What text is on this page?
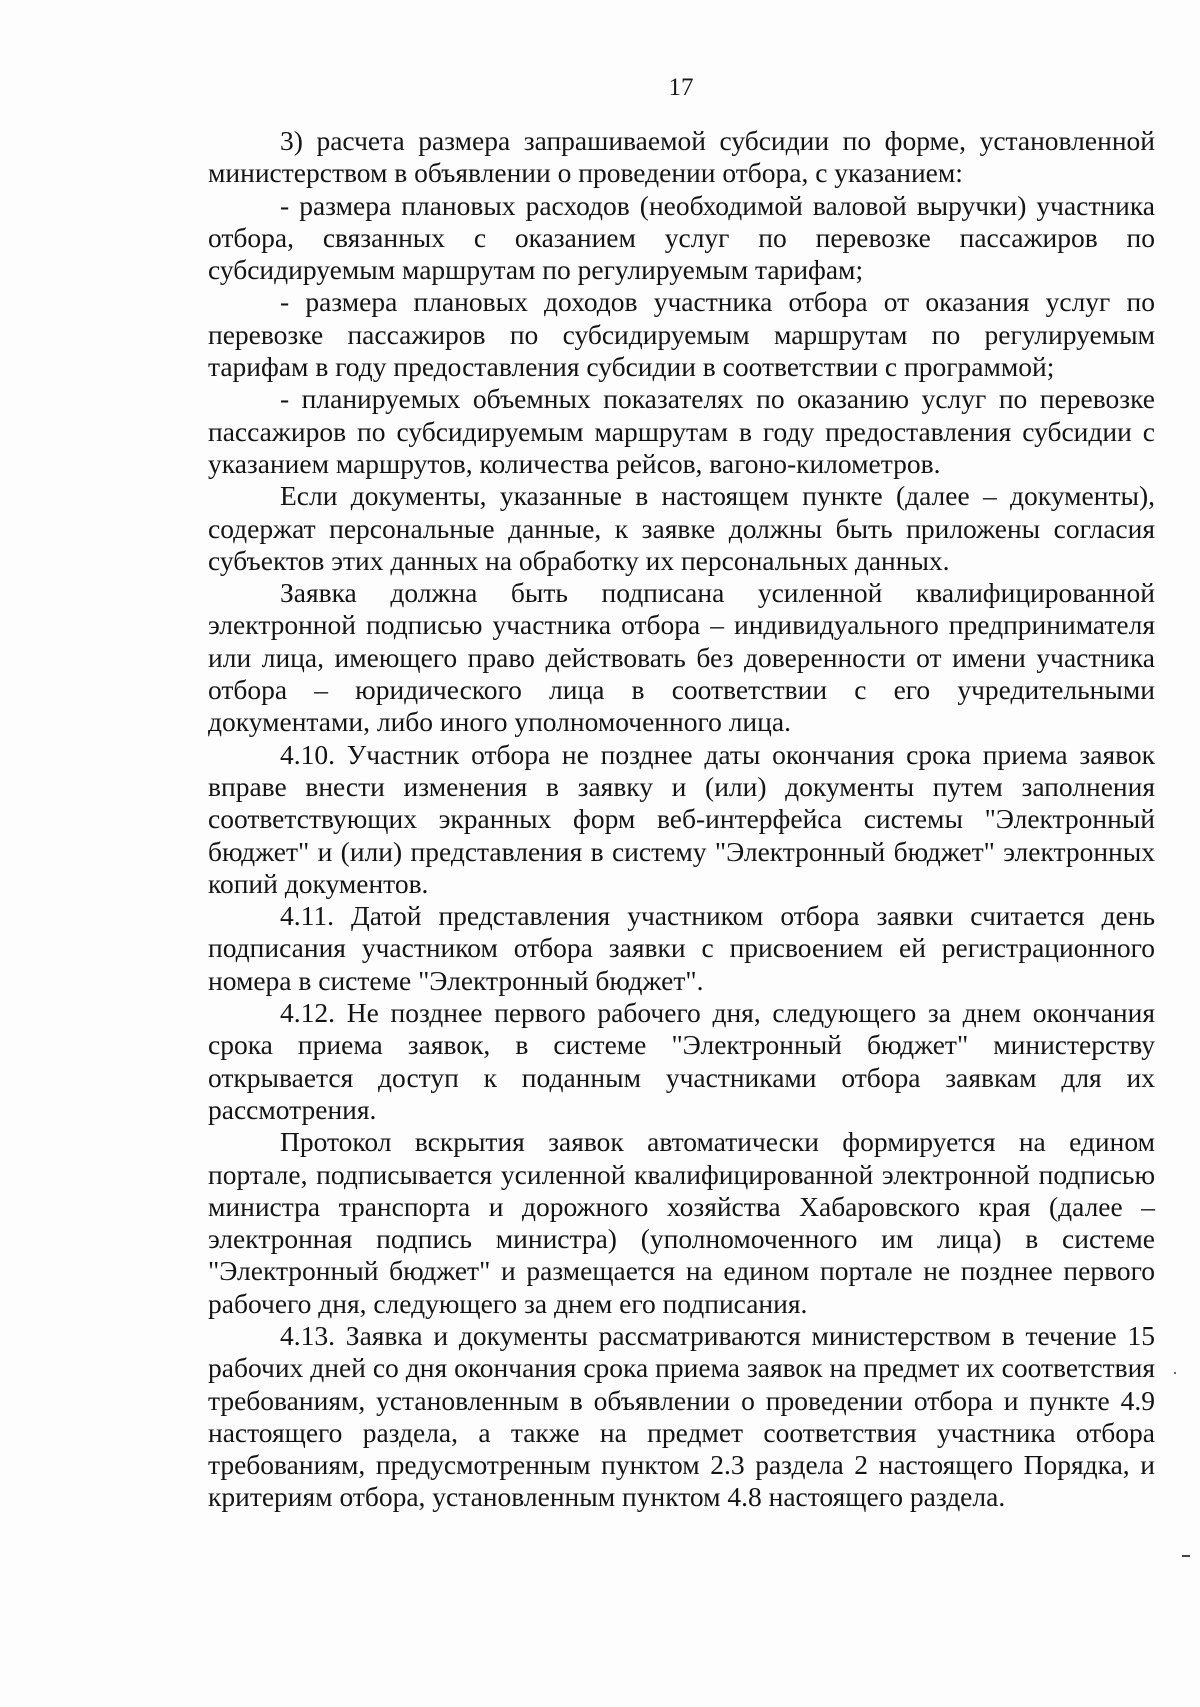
17

3) расчета размера запрашиваемой субсидии по форме, установленной министерством в объявлении о проведении отбора, с указанием:

- размера плановых расходов (необходимой валовой выручки) участника отбора, связанных с оказанием услуг по перевозке пассажиров по субсидируемым маршрутам по регулируемым тарифам;

- размера плановых доходов участника отбора от оказания услуг по перевозке пассажиров по субсидируемым маршрутам по регулируемым тарифам в году предоставления субсидии в соответствии с программой;

- планируемых объемных показателях по оказанию услуг по перевозке пассажиров по субсидируемым маршрутам в году предоставления субсидии с указанием маршрутов, количества рейсов, вагоно-километров.

Если документы, указанные в настоящем пункте (далее – документы), содержат персональные данные, к заявке должны быть приложены согласия субъектов этих данных на обработку их персональных данных.

Заявка должна быть подписана усиленной квалифицированной электронной подписью участника отбора – индивидуального предпринимателя или лица, имеющего право действовать без доверенности от имени участника отбора – юридического лица в соответствии с его учредительными документами, либо иного уполномоченного лица.

4.10. Участник отбора не позднее даты окончания срока приема заявок вправе внести изменения в заявку и (или) документы путем заполнения соответствующих экранных форм веб-интерфейса системы "Электронный бюджет" и (или) представления в систему "Электронный бюджет" электронных копий документов.

4.11. Датой представления участником отбора заявки считается день подписания участником отбора заявки с присвоением ей регистрационного номера в системе "Электронный бюджет".

4.12. Не позднее первого рабочего дня, следующего за днем окончания срока приема заявок, в системе "Электронный бюджет" министерству открывается доступ к поданным участниками отбора заявкам для их рассмотрения.

Протокол вскрытия заявок автоматически формируется на едином портале, подписывается усиленной квалифицированной электронной подписью министра транспорта и дорожного хозяйства Хабаровского края (далее – электронная подпись министра) (уполномоченного им лица) в системе "Электронный бюджет" и размещается на едином портале не позднее первого рабочего дня, следующего за днем его подписания.

4.13. Заявка и документы рассматриваются министерством в течение 15 рабочих дней со дня окончания срока приема заявок на предмет их соответствия требованиям, установленным в объявлении о проведении отбора и пункте 4.9 настоящего раздела, а также на предмет соответствия участника отбора требованиям, предусмотренным пунктом 2.3 раздела 2 настоящего Порядка, и критериям отбора, установленным пунктом 4.8 настоящего раздела.
